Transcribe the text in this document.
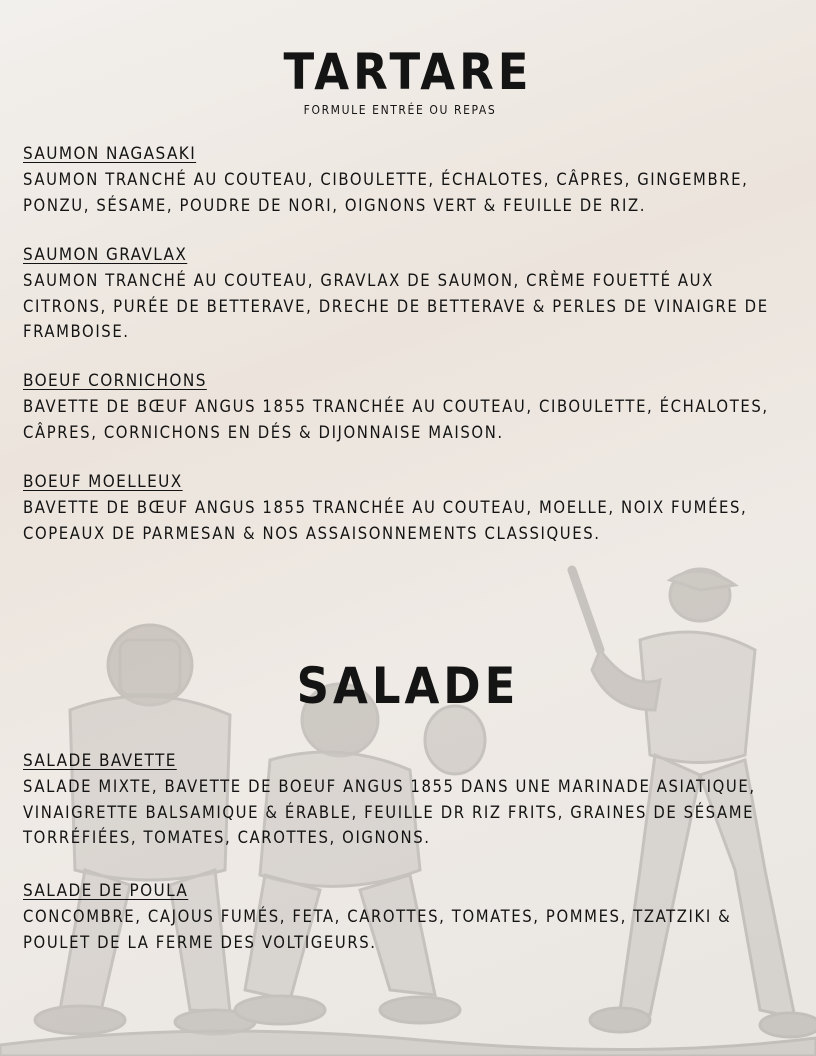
TARTARE
FORMULE ENTRÉE OU REPAS
SAUMON NAGASAKI

SAUMON TRANCHÉ AU COUTEAU, CIBOULETTE, ÉCHALOTES, CÂPRES, GINGEMBRE, PONZU, SÉSAME, POUDRE DE NORI, OIGNONS VERT & FEUILLE DE RIZ.

SAUMON GRAVLAX

SAUMON TRANCHÉ AU COUTEAU, GRAVLAX DE SAUMON, CRÈME FOUETTÉ AUX CITRONS, PURÉE DE BETTERAVE, DRECHE DE BETTERAVE & PERLES DE VINAIGRE DE FRAMBOISE.

BOEUF CORNICHONS

BAVETTE DE BŒUF ANGUS 1855 TRANCHÉE AU COUTEAU, CIBOULETTE, ÉCHALOTES, CÂPRES, CORNICHONS EN DÉS & DIJONNAISE MAISON.

BOEUF MOELLEUX

BAVETTE DE BŒUF ANGUS 1855 TRANCHÉE AU COUTEAU, MOELLE, NOIX FUMÉES, COPEAUX DE PARMESAN & NOS ASSAISONNEMENTS CLASSIQUES.

SALADE
SALADE BAVETTE

SALADE MIXTE, BAVETTE DE BOEUF ANGUS 1855 DANS UNE MARINADE ASIATIQUE, VINAIGRETTE BALSAMIQUE & ÉRABLE, FEUILLE DR RIZ FRITS, GRAINES DE SÉSAME TORRÉFIÉES, TOMATES, CAROTTES, OIGNONS.

SALADE DE POULA

CONCOMBRE, CAJOUS FUMÉS, FETA, CAROTTES, TOMATES, POMMES, TZATZIKI & POULET DE LA FERME DES VOLTIGEURS.
